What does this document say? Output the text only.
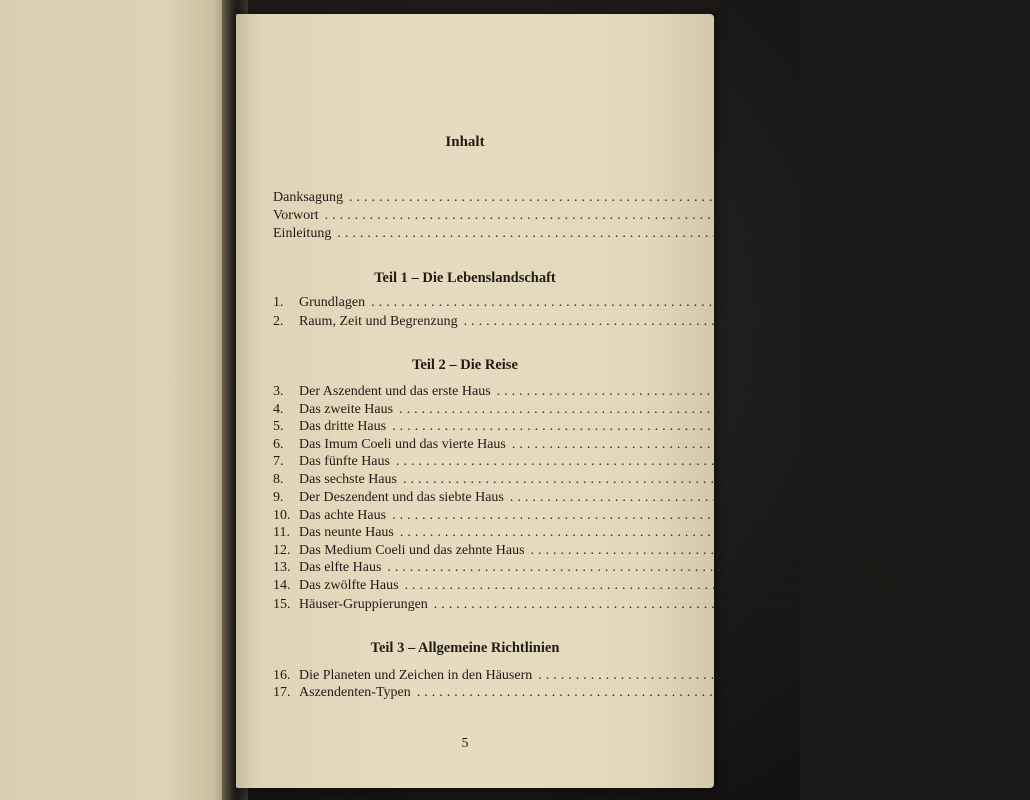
Inhalt
Danksagung .............................................................. 7
Vorwort .............................................................. 9
Einleitung .............................................................. 15
Teil 1 – Die Lebenslandschaft
1.	Grundlagen .............................................................. 21
2.	Raum, Zeit und Begrenzung .............................................................. 28
Teil 2 – Die Reise
3.	Der Aszendent und das erste Haus .............................................................. 47
4.	Das zweite Haus .............................................................. 56
5.	Das dritte Haus .............................................................. 63
6.	Das Imum Coeli und das vierte Haus .............................................................. 71
7.	Das fünfte Haus .............................................................. 79
8.	Das sechste Haus .............................................................. 85
9.	Der Deszendent und das siebte Haus .............................................................. 94
10. Das achte Haus .............................................................. 101
11. Das neunte Haus .............................................................. 110
12. Das Medium Coeli und das zehnte Haus .............................................................. 117
13. Das elfte Haus .............................................................. 124
14. Das zwölfte Haus .............................................................. 133
15. Häuser-Gruppierungen .............................................................. 147
Teil 3 – Allgemeine Richtlinien
16. Die Planeten und Zeichen in den Häusern .............................................................. 185
17. Aszendenten-Typen .............................................................. 197
5
